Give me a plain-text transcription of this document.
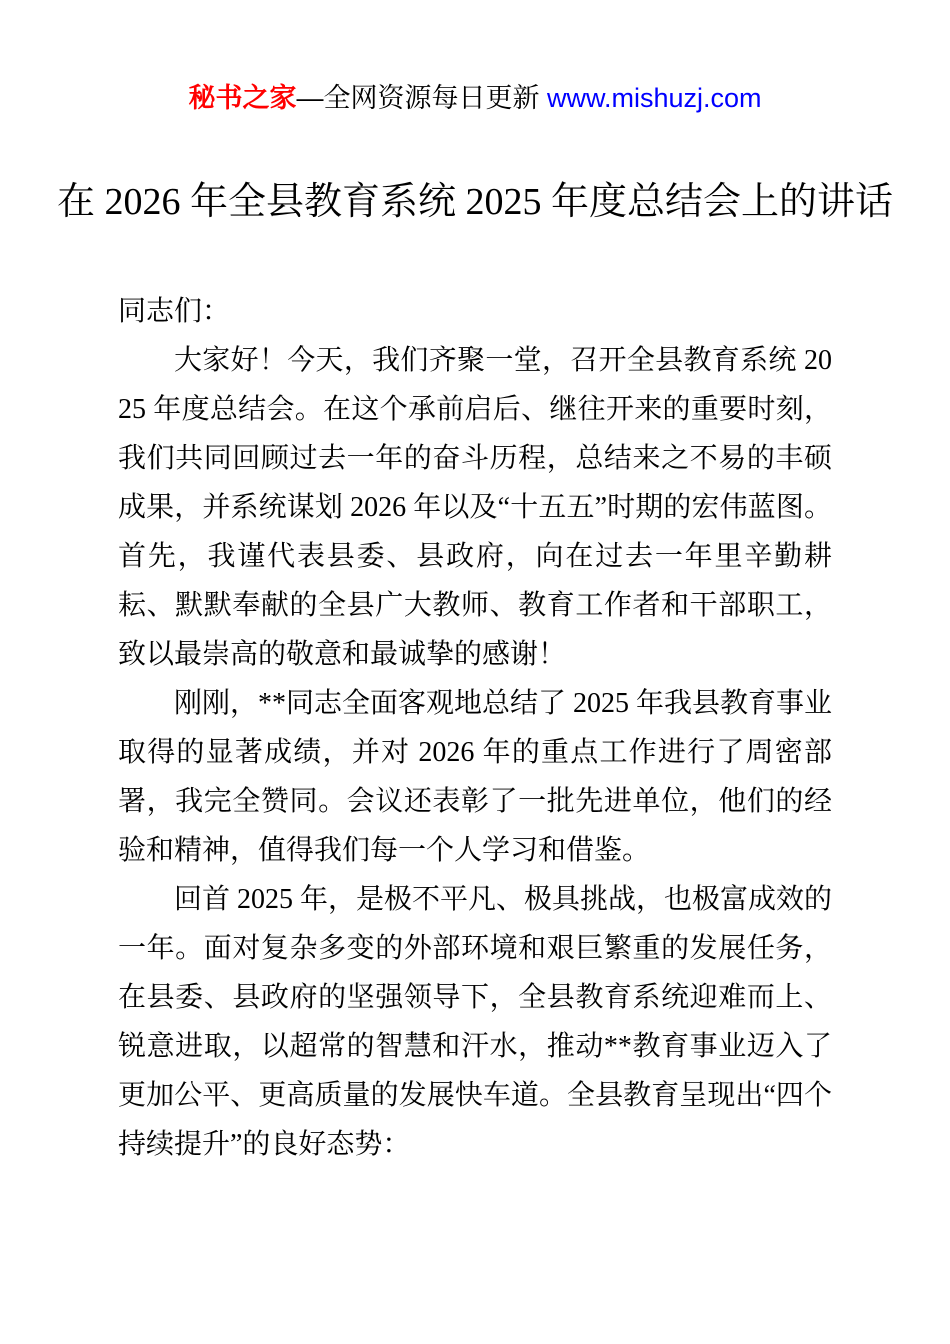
秘书之家—全网资源每日更新 www.mishuzj.com
在 2026 年全县教育系统 2025 年度总结会上的讲话

同志们：

大家好！今天，我们齐聚一堂，召开全县教育系统 2025 年度总结会。在这个承前启后、继往开来的重要时刻，我们共同回顾过去一年的奋斗历程，总结来之不易的丰硕成果，并系统谋划 2026 年以及“十五五”时期的宏伟蓝图。首先，我谨代表县委、县政府，向在过去一年里辛勤耕耘、默默奉献的全县广大教师、教育工作者和干部职工，致以最崇高的敬意和最诚挚的感谢！

刚刚，**同志全面客观地总结了 2025 年我县教育事业取得的显著成绩，并对 2026 年的重点工作进行了周密部署，我完全赞同。会议还表彰了一批先进单位，他们的经验和精神，值得我们每一个人学习和借鉴。

回首 2025 年，是极不平凡、极具挑战，也极富成效的一年。面对复杂多变的外部环境和艰巨繁重的发展任务，在县委、县政府的坚强领导下，全县教育系统迎难而上、锐意进取，以超常的智慧和汗水，推动**教育事业迈入了更加公平、更高质量的发展快车道。全县教育呈现出“四个持续提升”的良好态势：
